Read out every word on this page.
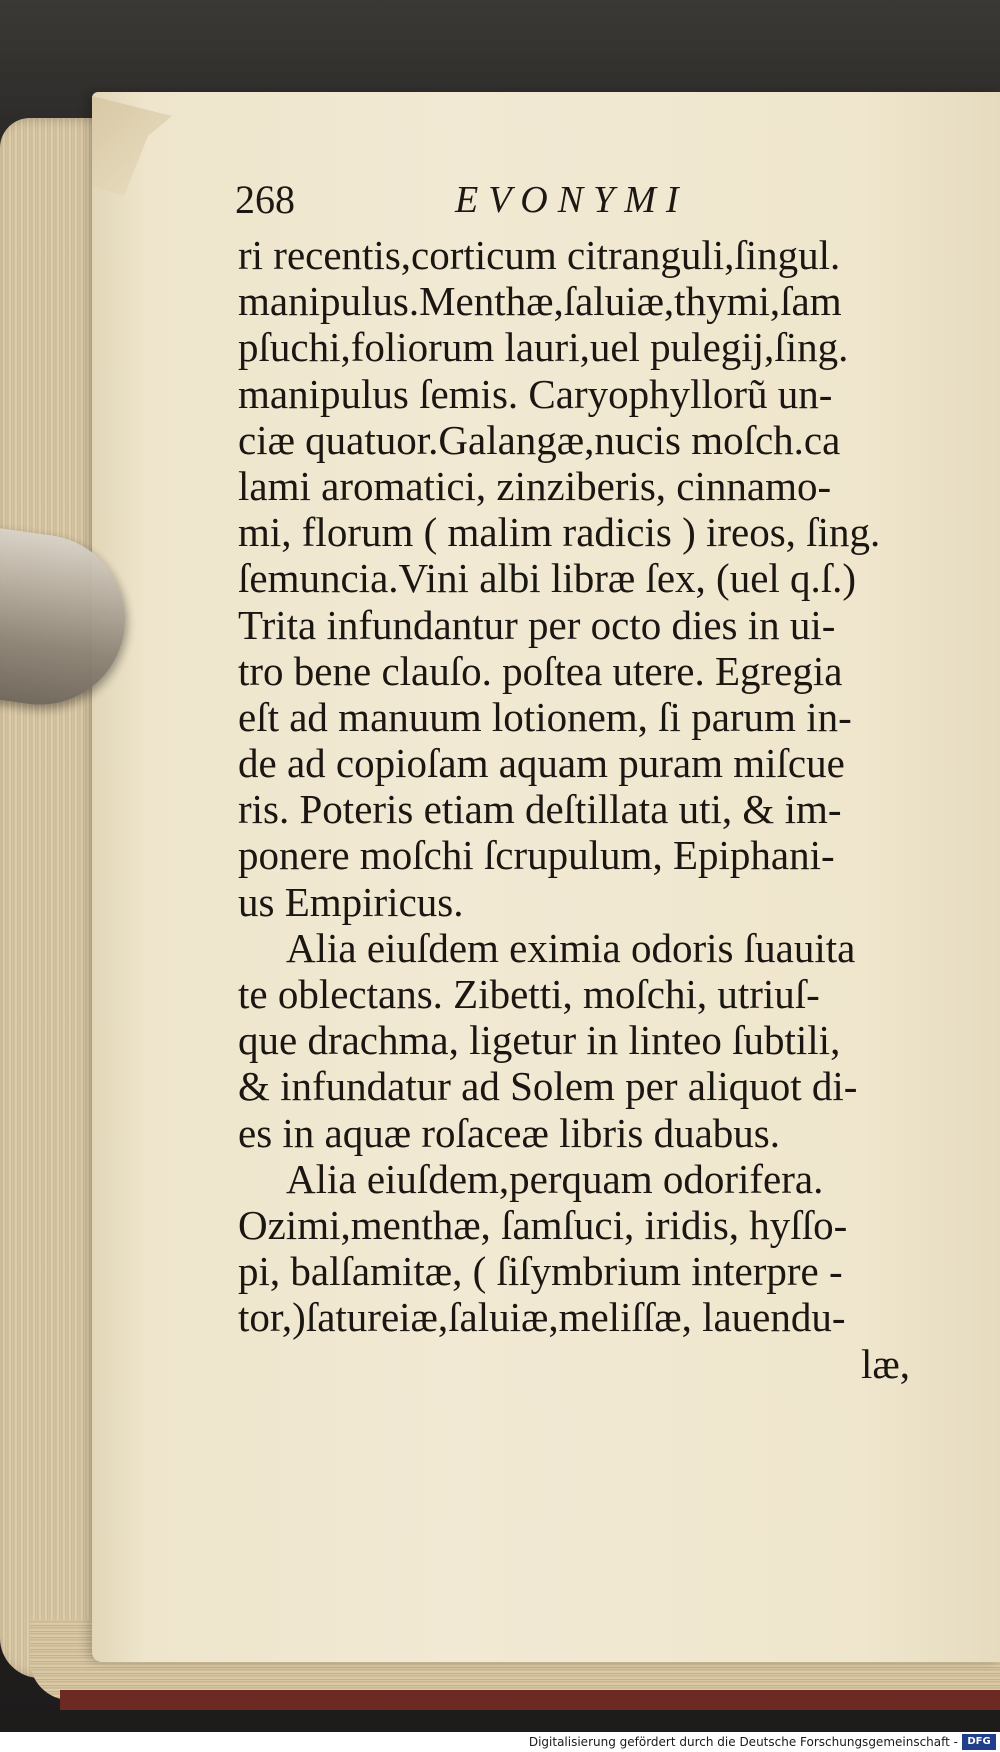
268	EVONYMI
ri recentis,corticum citranguli,ſingul.
manipulus.Menthæ,ſaluiæ,thymi,ſam
pſuchi,foliorum lauri,uel pulegij,ſing.
manipulus ſemis. Caryophyllorũ un-
ciæ quatuor.Galangæ,nucis moſch.ca
lami aromatici, zinziberis, cinnamo-
mi, florum ( malim radicis ) ireos, ſing.
ſemuncia.Vini albi libræ ſex, (uel q.ſ.)
Trita infundantur per octo dies in ui-
tro bene clauſo. poſtea utere. Egregia
eſt ad manuum lotionem, ſi parum in-
de ad copioſam aquam puram miſcue
ris. Poteris etiam deſtillata uti, & im-
ponere moſchi ſcrupulum, Epiphani-
us Empiricus.
Alia eiuſdem eximia odoris ſuauita
te oblectans. Zibetti, moſchi, utriuſ-
que drachma, ligetur in linteo ſubtili,
& infundatur ad Solem per aliquot di-
es in aquæ roſaceæ libris duabus.
Alia eiuſdem,perquam odorifera.
Ozimi,menthæ, ſamſuci, iridis, hyſſo-
pi, balſamitæ, ( ſiſymbrium interpre -
tor,)ſatureiæ,ſaluiæ,meliſſæ, lauendu-
læ,
Digitalisierung gefördert durch die Deutsche Forschungsgemeinschaft - DFG
